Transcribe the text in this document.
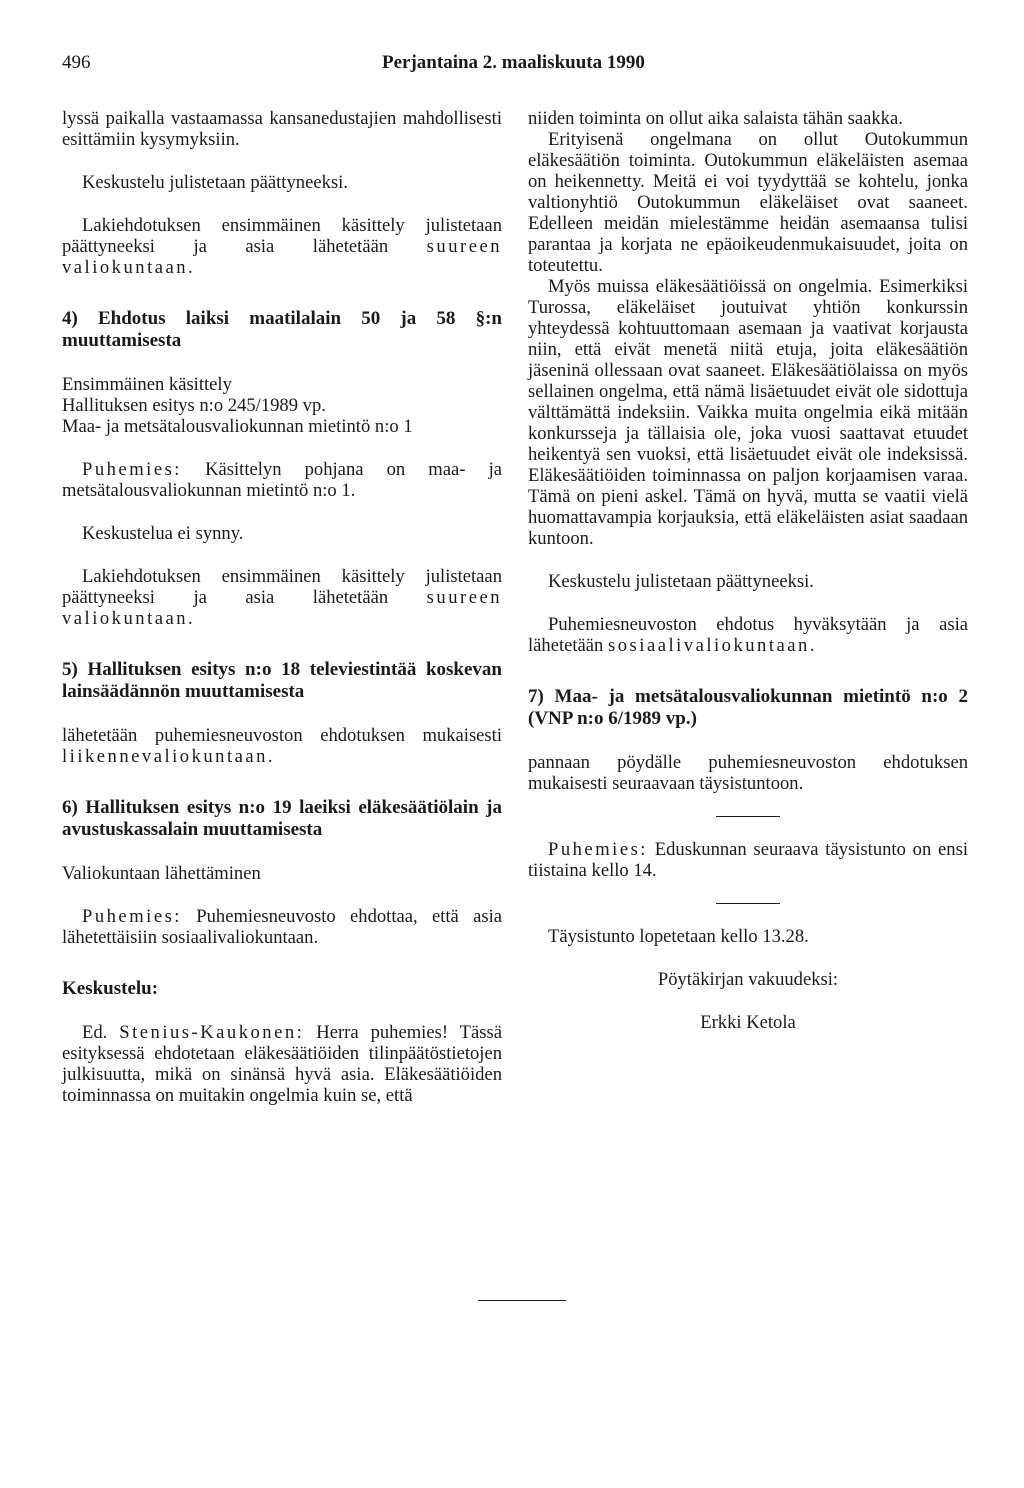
496	Perjantaina 2. maaliskuuta 1990

lyssä paikalla vastaamassa kansanedustajien mahdollisesti esittämiin kysymyksiin.

Keskustelu julistetaan päättyneeksi.

Lakiehdotuksen ensimmäinen käsittely julistetaan päättyneeksi ja asia lähetetään suureen valiokuntaan.

4) Ehdotus laiksi maatilalain 50 ja 58 §:n muuttamisesta

Ensimmäinen käsittely

Hallituksen esitys n:o 245/1989 vp.

Maa- ja metsätalousvaliokunnan mietintö n:o 1

Puhemies: Käsittelyn pohjana on maa- ja metsätalousvaliokunnan mietintö n:o 1.

Keskustelua ei synny.

Lakiehdotuksen ensimmäinen käsittely julistetaan päättyneeksi ja asia lähetetään suureen valiokuntaan.

5) Hallituksen esitys n:o 18 televiestintää koskevan lainsäädännön muuttamisesta

lähetetään puhemiesneuvoston ehdotuksen mukaisesti liikennevaliokuntaan.

6) Hallituksen esitys n:o 19 laeiksi eläkesäätiölain ja avustuskassalain muuttamisesta

Valiokuntaan lähettäminen

Puhemies: Puhemiesneuvosto ehdottaa, että asia lähetettäisiin sosiaalivaliokuntaan.

Keskustelu:

Ed. Stenius-Kaukonen: Herra puhemies! Tässä esityksessä ehdotetaan eläkesäätiöiden tilinpäätöstietojen julkisuutta, mikä on sinänsä hyvä asia. Eläkesäätiöiden toiminnassa on muitakin ongelmia kuin se, että

niiden toiminta on ollut aika salaista tähän saakka.

Erityisenä ongelmana on ollut Outokummun eläkesäätiön toiminta. Outokummun eläkeläisten asemaa on heikennetty. Meitä ei voi tyydyttää se kohtelu, jonka valtionyhtiö Outokummun eläkeläiset ovat saaneet. Edelleen meidän mielestämme heidän asemaansa tulisi parantaa ja korjata ne epäoikeudenmukaisuudet, joita on toteutettu.

Myös muissa eläkesäätiöissä on ongelmia. Esimerkiksi Turossa, eläkeläiset joutuivat yhtiön konkurssin yhteydessä kohtuuttomaan asemaan ja vaativat korjausta niin, että eivät menetä niitä etuja, joita eläkesäätiön jäseninä ollessaan ovat saaneet. Eläkesäätiölaissa on myös sellainen ongelma, että nämä lisäetuudet eivät ole sidottuja välttämättä indeksiin. Vaikka muita ongelmia eikä mitään konkursseja ja tällaisia ole, joka vuosi saattavat etuudet heikentyä sen vuoksi, että lisäetuudet eivät ole indeksissä. Eläkesäätiöiden toiminnassa on paljon korjaamisen varaa. Tämä on pieni askel. Tämä on hyvä, mutta se vaatii vielä huomattavampia korjauksia, että eläkeläisten asiat saadaan kuntoon.

Keskustelu julistetaan päättyneeksi.

Puhemiesneuvoston ehdotus hyväksytään ja asia lähetetään sosiaalivaliokuntaan.

7) Maa- ja metsätalousvaliokunnan mietintö n:o 2 (VNP n:o 6/1989 vp.)

pannaan pöydälle puhemiesneuvoston ehdotuksen mukaisesti seuraavaan täysistuntoon.

Puhemies: Eduskunnan seuraava täysistunto on ensi tiistaina kello 14.

Täysistunto lopetetaan kello 13.28.

Pöytäkirjan vakuudeksi:

Erkki Ketola
